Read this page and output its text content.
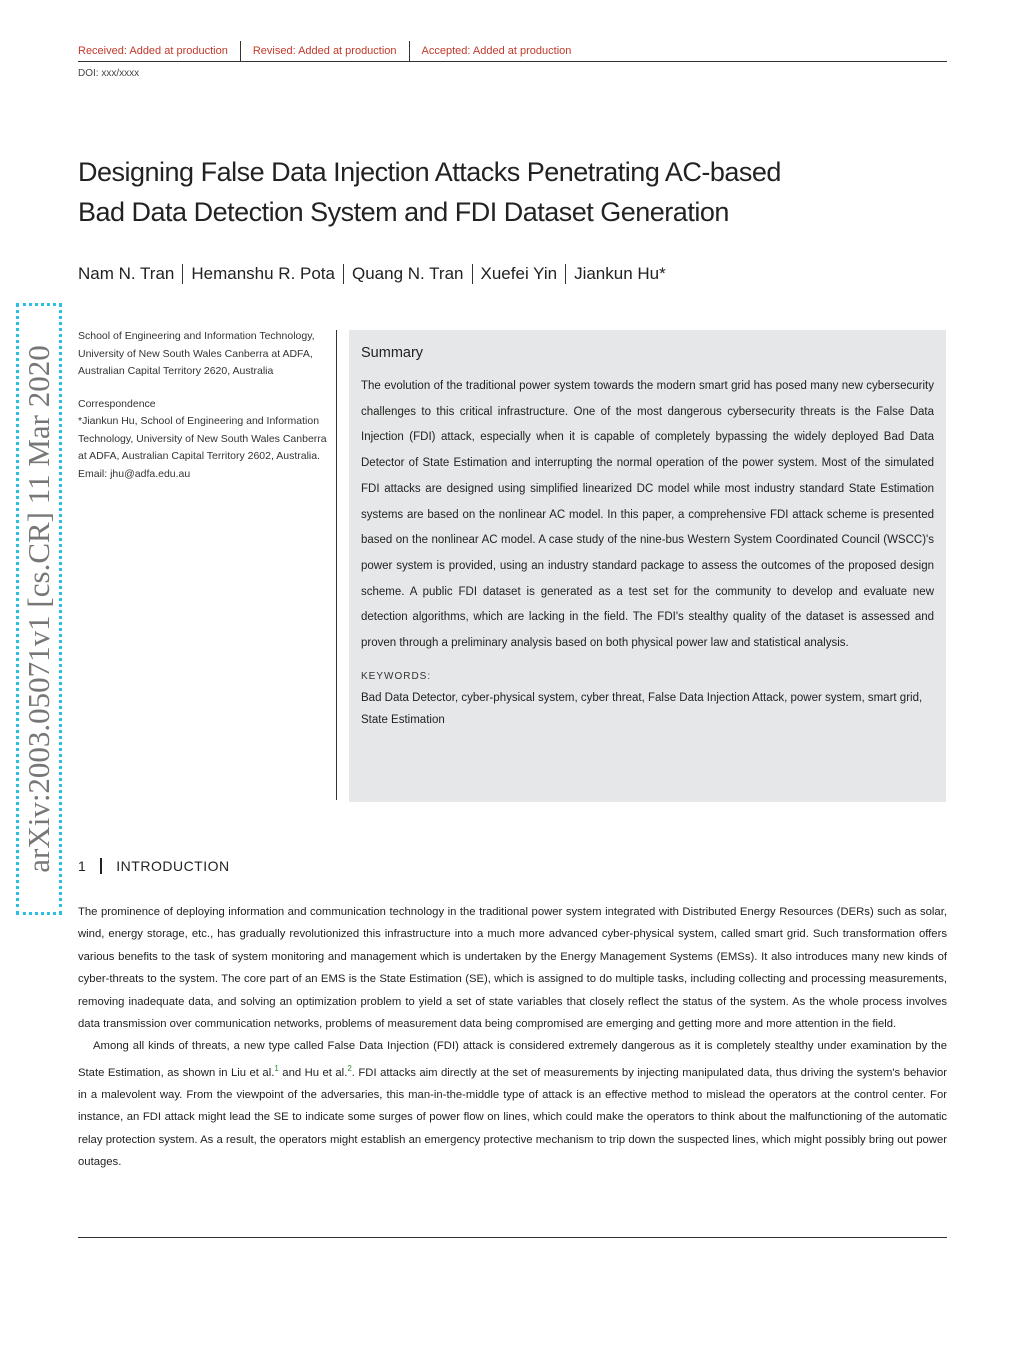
Received: Added at production	Revised: Added at production	Accepted: Added at production
DOI: xxx/xxxx
Designing False Data Injection Attacks Penetrating AC-based
Bad Data Detection System and FDI Dataset Generation
Nam N. Tran Hemanshu R. Pota Quang N. Tran Xuefei Yin Jiankun Hu*
arXiv:2003.05071v1 [cs.CR] 11 Mar 2020

School of Engineering and Information Technology, University of New South Wales Canberra at ADFA, Australian Capital Territory 2620, Australia

Correspondence

*Jiankun Hu, School of Engineering and Information Technology, University of New South Wales Canberra at ADFA, Australian Capital Territory 2602, Australia. Email: jhu@adfa.edu.au

Summary

The evolution of the traditional power system towards the modern smart grid has posed many new cybersecurity challenges to this critical infrastructure. One of the most dangerous cybersecurity threats is the False Data Injection (FDI) attack, especially when it is capable of completely bypassing the widely deployed Bad Data Detector of State Estimation and interrupting the normal operation of the power system. Most of the simulated FDI attacks are designed using simplified linearized DC model while most industry standard State Estimation systems are based on the nonlinear AC model. In this paper, a comprehensive FDI attack scheme is presented based on the nonlinear AC model. A case study of the nine-bus Western System Coordinated Council (WSCC)'s power system is provided, using an industry standard package to assess the outcomes of the proposed design scheme. A public FDI dataset is generated as a test set for the community to develop and evaluate new detection algorithms, which are lacking in the field. The FDI's stealthy quality of the dataset is assessed and proven through a preliminary analysis based on both physical power law and statistical analysis.

KEYWORDS:

Bad Data Detector, cyber-physical system, cyber threat, False Data Injection Attack, power system, smart grid, State Estimation

1 INTRODUCTION

The prominence of deploying information and communication technology in the traditional power system integrated with Distributed Energy Resources (DERs) such as solar, wind, energy storage, etc., has gradually revolutionized this infrastructure into a much more advanced cyber-physical system, called smart grid. Such transformation offers various benefits to the task of system monitoring and management which is undertaken by the Energy Management Systems (EMSs). It also introduces many new kinds of cyber-threats to the system. The core part of an EMS is the State Estimation (SE), which is assigned to do multiple tasks, including collecting and processing measurements, removing inadequate data, and solving an optimization problem to yield a set of state variables that closely reflect the status of the system. As the whole process involves data transmission over communication networks, problems of measurement data being compromised are emerging and getting more and more attention in the field.

Among all kinds of threats, a new type called False Data Injection (FDI) attack is considered extremely dangerous as it is completely stealthy under examination by the State Estimation, as shown in Liu et al.$^1$ and Hu et al.$^2$. FDI attacks aim directly at the set of measurements by injecting manipulated data, thus driving the system's behavior in a malevolent way. From the viewpoint of the adversaries, this man-in-the-middle type of attack is an effective method to mislead the operators at the control center. For instance, an FDI attack might lead the SE to indicate some surges of power flow on lines, which could make the operators to think about the malfunctioning of the automatic relay protection system. As a result, the operators might establish an emergency protective mechanism to trip down the suspected lines, which might possibly bring out power outages.
